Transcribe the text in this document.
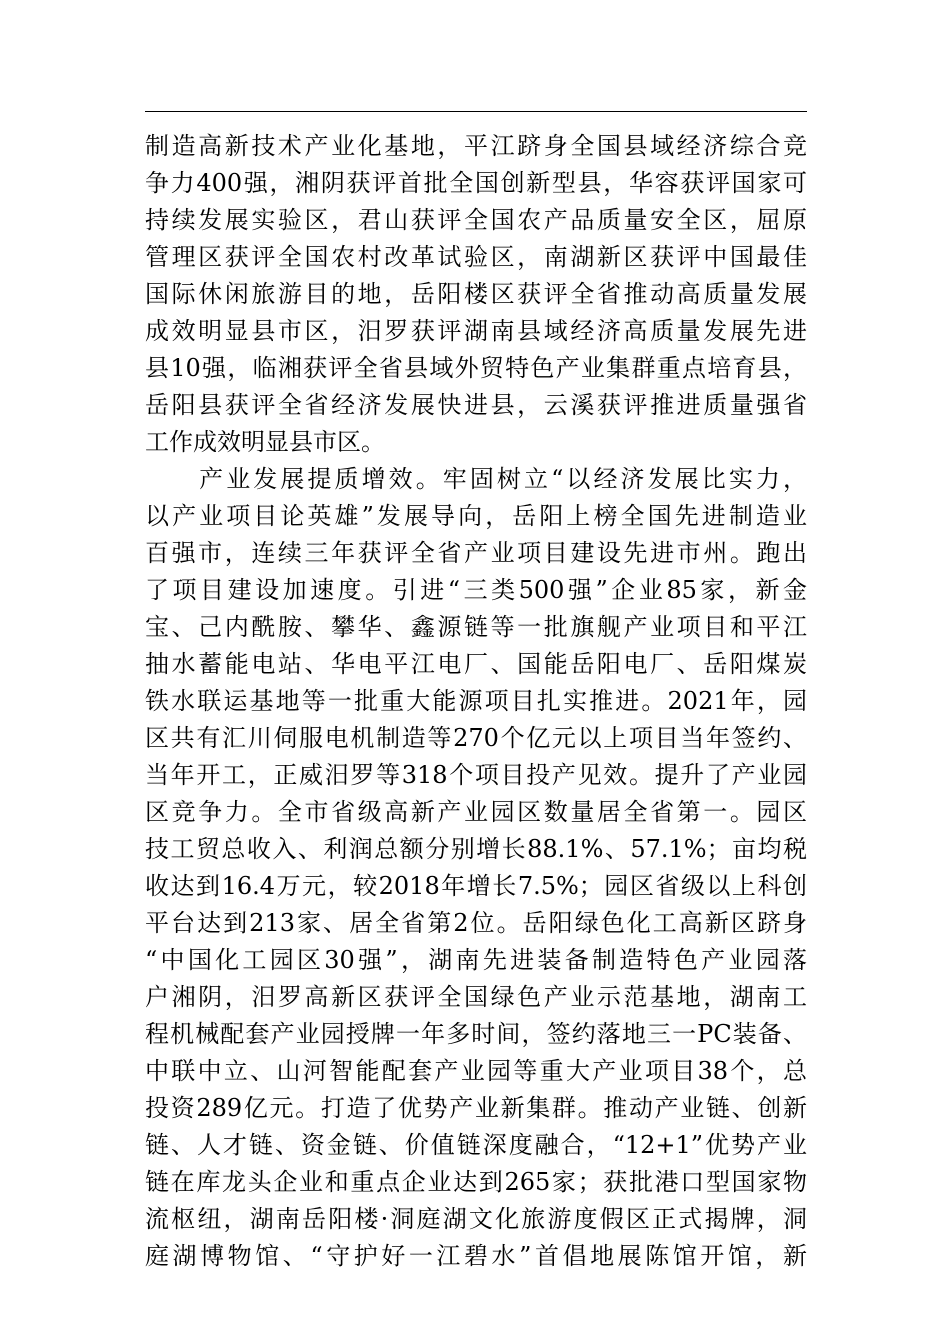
制造高新技术产业化基地，平江跻身全国县域经济综合竞
争力400强，湘阴获评首批全国创新型县，华容获评国家可
持续发展实验区，君山获评全国农产品质量安全区，屈原
管理区获评全国农村改革试验区，南湖新区获评中国最佳
国际休闲旅游目的地，岳阳楼区获评全省推动高质量发展
成效明显县市区，汨罗获评湖南县域经济高质量发展先进
县10强，临湘获评全省县域外贸特色产业集群重点培育县，
岳阳县获评全省经济发展快进县，云溪获评推进质量强省
工作成效明显县市区。
　　产业发展提质增效。牢固树立“以经济发展比实力，
以产业项目论英雄”发展导向，岳阳上榜全国先进制造业
百强市，连续三年获评全省产业项目建设先进市州。跑出
了项目建设加速度。引进“三类500强”企业85家，新金
宝、己内酰胺、攀华、鑫源链等一批旗舰产业项目和平江
抽水蓄能电站、华电平江电厂、国能岳阳电厂、岳阳煤炭
铁水联运基地等一批重大能源项目扎实推进。2021年，园
区共有汇川伺服电机制造等270个亿元以上项目当年签约、
当年开工，正威汨罗等318个项目投产见效。提升了产业园
区竞争力。全市省级高新产业园区数量居全省第一。园区
技工贸总收入、利润总额分别增长88.1%、57.1%；亩均税
收达到16.4万元，较2018年增长7.5%；园区省级以上科创
平台达到213家、居全省第2位。岳阳绿色化工高新区跻身
“中国化工园区30强”，湖南先进装备制造特色产业园落
户湘阴，汨罗高新区获评全国绿色产业示范基地，湖南工
程机械配套产业园授牌一年多时间，签约落地三一PC装备、
中联中立、山河智能配套产业园等重大产业项目38个，总
投资289亿元。打造了优势产业新集群。推动产业链、创新
链、人才链、资金链、价值链深度融合，“12+1”优势产业
链在库龙头企业和重点企业达到265家；获批港口型国家物
流枢纽，湖南岳阳楼·洞庭湖文化旅游度假区正式揭牌，洞
庭湖博物馆、“守护好一江碧水”首倡地展陈馆开馆，新
